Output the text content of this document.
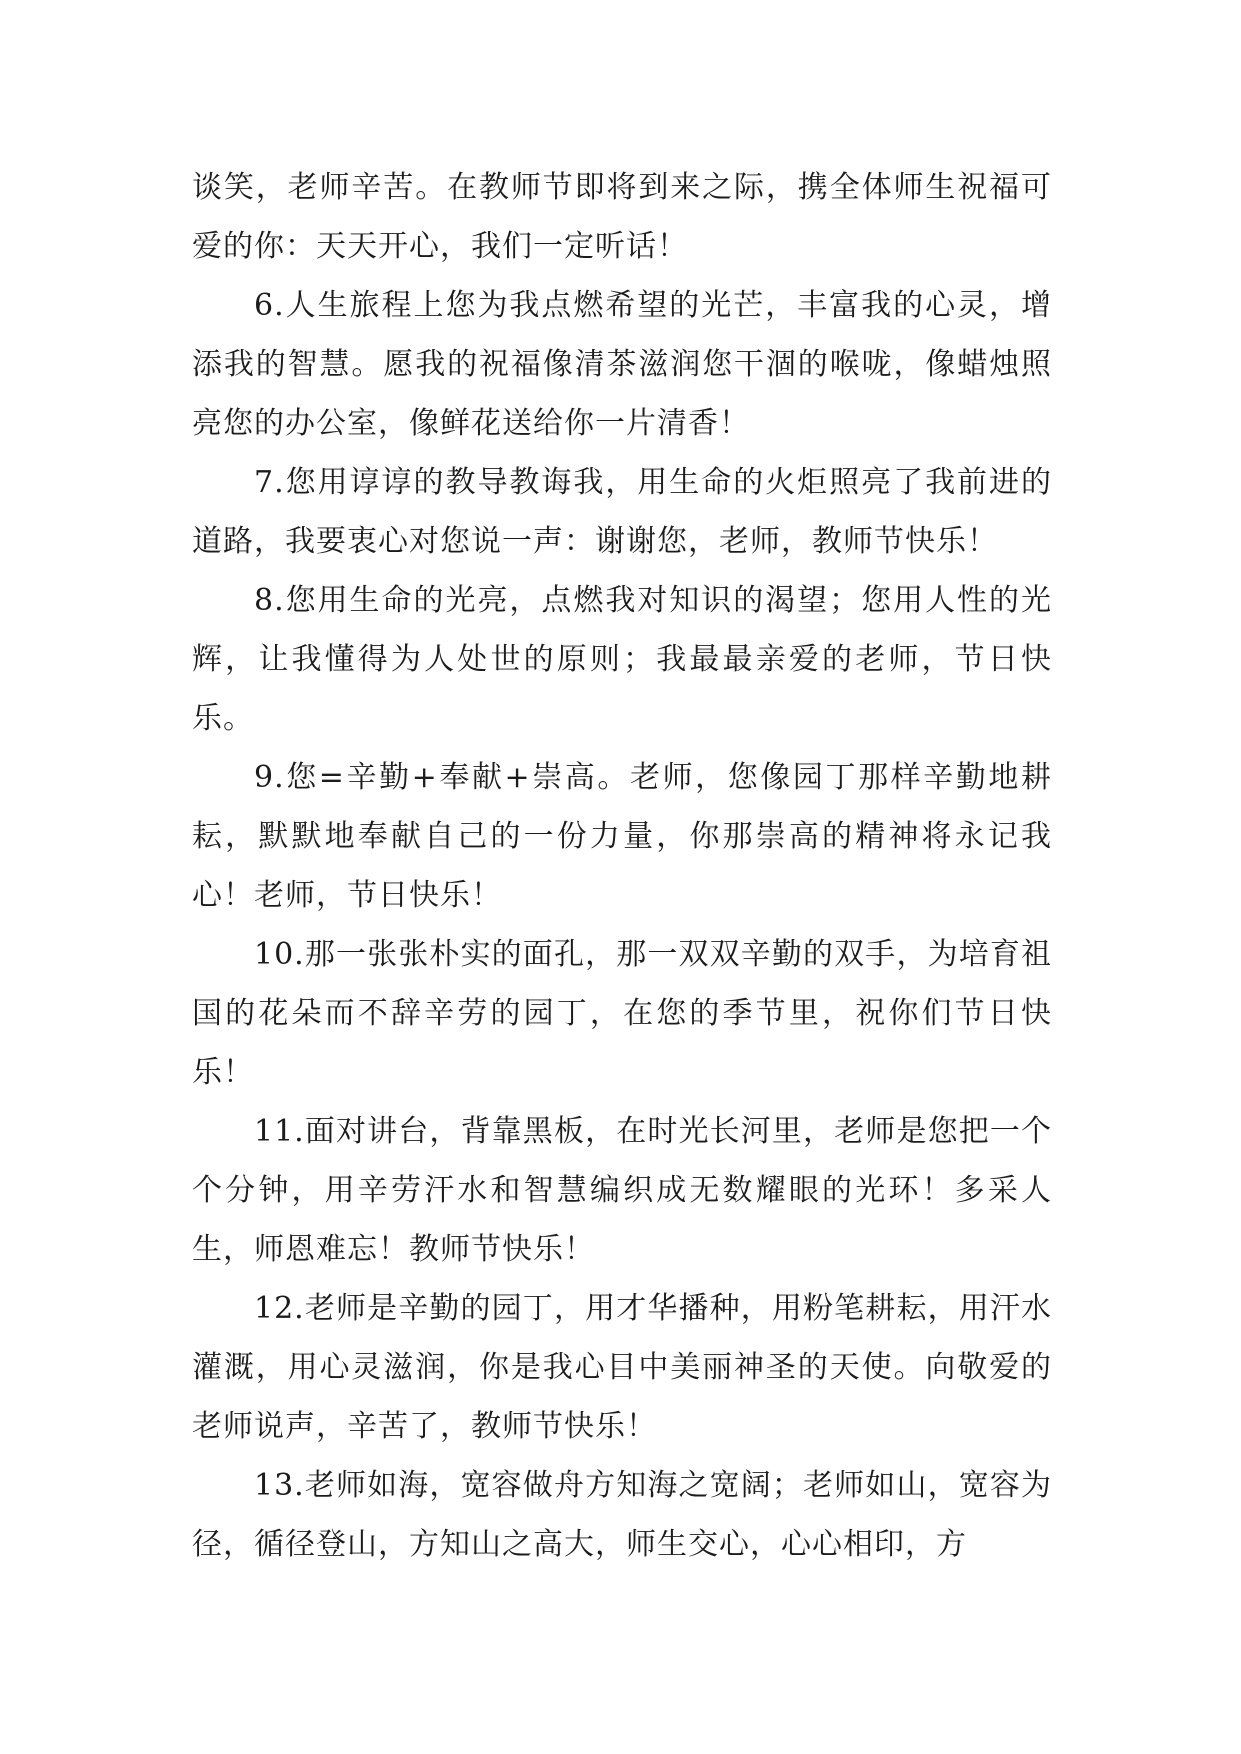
谈笑，老师辛苦。在教师节即将到来之际，携全体师生祝福可爱的你：天天开心，我们一定听话！

6.人生旅程上您为我点燃希望的光芒，丰富我的心灵，增添我的智慧。愿我的祝福像清茶滋润您干涸的喉咙，像蜡烛照亮您的办公室，像鲜花送给你一片清香！

7.您用谆谆的教导教诲我，用生命的火炬照亮了我前进的道路，我要衷心对您说一声：谢谢您，老师，教师节快乐！

8.您用生命的光亮，点燃我对知识的渴望；您用人性的光辉，让我懂得为人处世的原则；我最最亲爱的老师，节日快乐。

9.您=辛勤+奉献+崇高。老师，您像园丁那样辛勤地耕耘，默默地奉献自己的一份力量，你那崇高的精神将永记我心！老师，节日快乐！

10.那一张张朴实的面孔，那一双双辛勤的双手，为培育祖国的花朵而不辞辛劳的园丁，在您的季节里，祝你们节日快乐！

11.面对讲台，背靠黑板，在时光长河里，老师是您把一个个分钟，用辛劳汗水和智慧编织成无数耀眼的光环！多采人生，师恩难忘！教师节快乐！

12.老师是辛勤的园丁，用才华播种，用粉笔耕耘，用汗水灌溉，用心灵滋润，你是我心目中美丽神圣的天使。向敬爱的老师说声，辛苦了，教师节快乐！

13.老师如海，宽容做舟方知海之宽阔；老师如山，宽容为径，循径登山，方知山之高大，师生交心，心心相印，方
